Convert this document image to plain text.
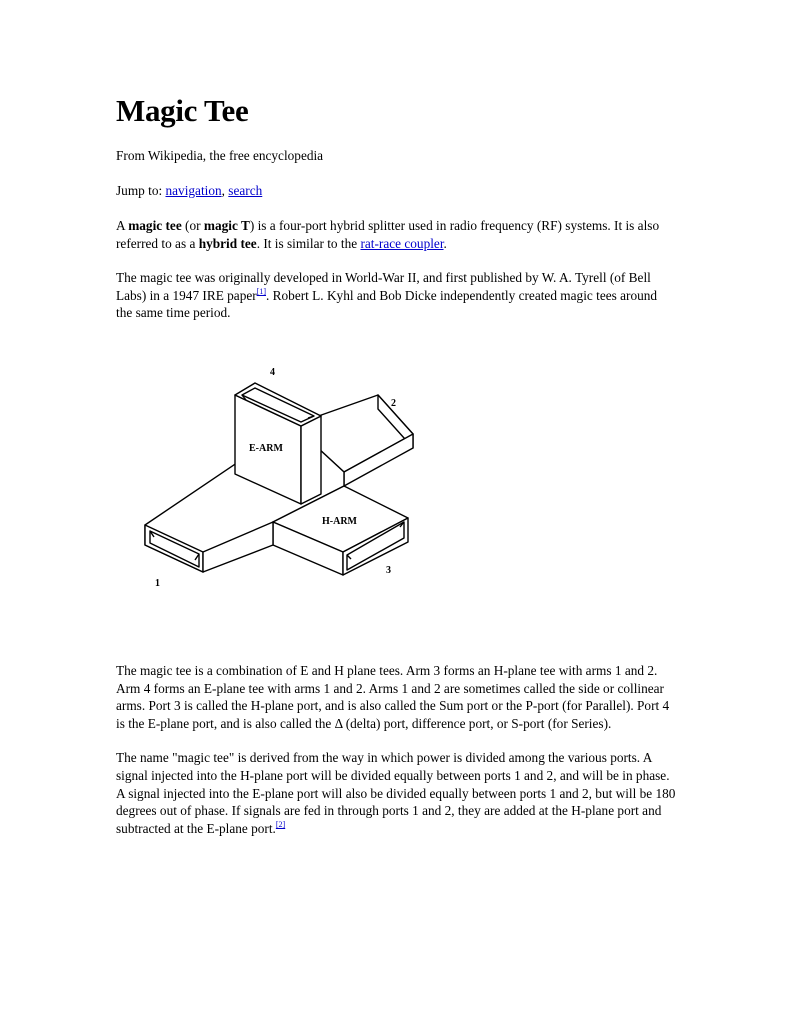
Magic Tee
From Wikipedia, the free encyclopedia
Jump to: navigation, search

A magic tee (or magic T) is a four-port hybrid splitter used in radio frequency (RF) systems. It is also referred to as a hybrid tee. It is similar to the rat-race coupler.

The magic tee was originally developed in World-War II, and first published by W. A. Tyrell (of Bell Labs) in a 1947 IRE paper[1]. Robert L. Kyhl and Bob Dicke independently created magic tees around the same time period.

The magic tee is a combination of E and H plane tees. Arm 3 forms an H-plane tee with arms 1 and 2. Arm 4 forms an E-plane tee with arms 1 and 2. Arms 1 and 2 are sometimes called the side or collinear arms. Port 3 is called the H-plane port, and is also called the Sum port or the P-port (for Parallel). Port 4 is the E-plane port, and is also called the Δ (delta) port, difference port, or S-port (for Series).

The name "magic tee" is derived from the way in which power is divided among the various ports. A signal injected into the H-plane port will be divided equally between ports 1 and 2, and will be in phase. A signal injected into the E-plane port will also be divided equally between ports 1 and 2, but will be 180 degrees out of phase. If signals are fed in through ports 1 and 2, they are added at the H-plane port and subtracted at the E-plane port.[2]

4
2
1
3
E-ARM
H-ARM
